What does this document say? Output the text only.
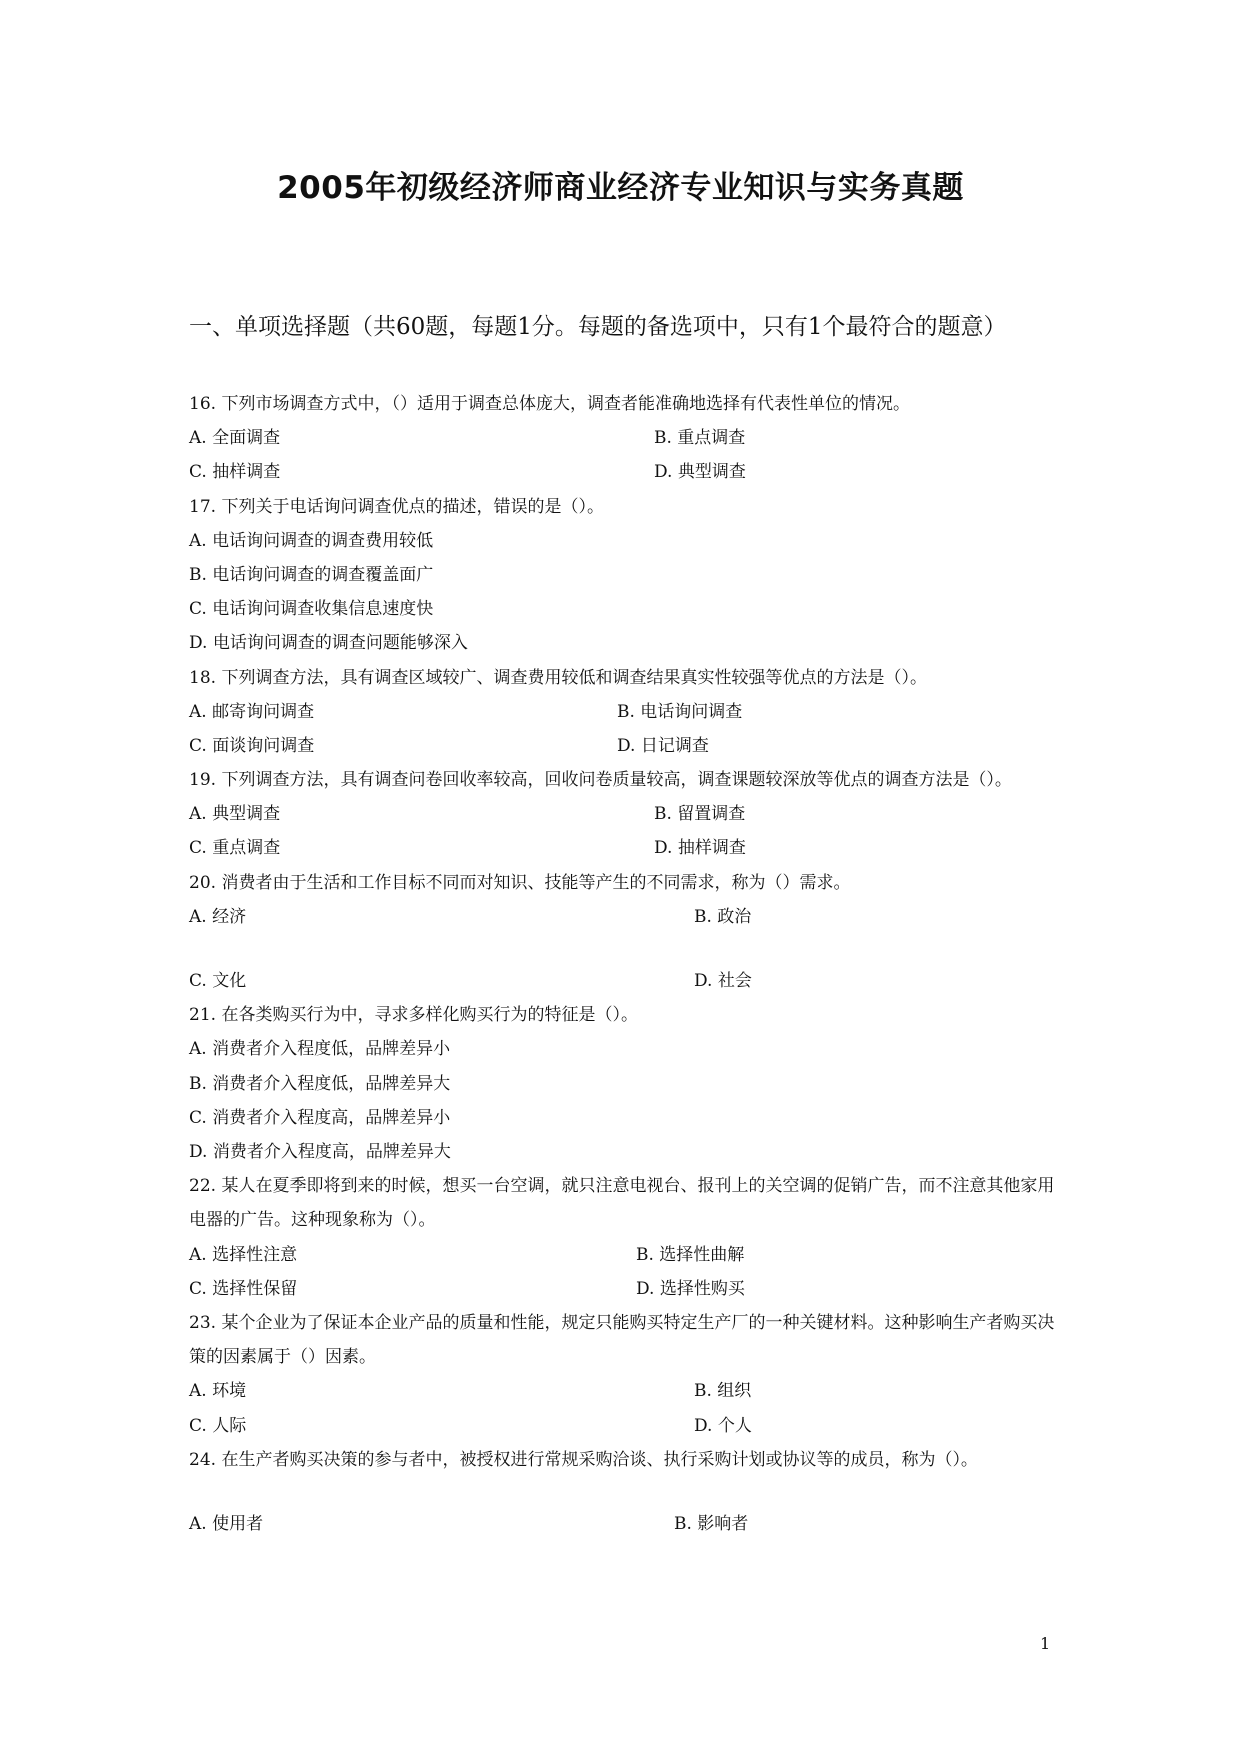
2005年初级经济师商业经济专业知识与实务真题
一、单项选择题（共60题，每题1分。每题的备选项中，只有1个最符合的题意）
16. 下列市场调查方式中，（）适用于调查总体庞大，调查者能准确地选择有代表性单位的情况。
A. 全面调查	B. 重点调查
C. 抽样调查	D. 典型调查
17. 下列关于电话询问调查优点的描述，错误的是（）。
A. 电话询问调查的调查费用较低
B. 电话询问调查的调查覆盖面广
C. 电话询问调查收集信息速度快
D. 电话询问调查的调查问题能够深入
18. 下列调查方法，具有调查区域较广、调查费用较低和调查结果真实性较强等优点的方法是（）。
A. 邮寄询问调查	B. 电话询问调查
C. 面谈询问调查	D. 日记调查
19. 下列调查方法，具有调查问卷回收率较高，回收问卷质量较高，调查课题较深放等优点的调查方法是（）。
A. 典型调查	B. 留置调查
C. 重点调查	D. 抽样调查
20. 消费者由于生活和工作目标不同而对知识、技能等产生的不同需求，称为（）需求。
A. 经济	B. 政治
C. 文化	D. 社会
21. 在各类购买行为中，寻求多样化购买行为的特征是（）。
A. 消费者介入程度低，品牌差异小
B. 消费者介入程度低，品牌差异大
C. 消费者介入程度高，品牌差异小
D. 消费者介入程度高，品牌差异大
22. 某人在夏季即将到来的时候，想买一台空调，就只注意电视台、报刊上的关空调的促销广告，而不注意其他家用电器的广告。这种现象称为（）。
A. 选择性注意	B. 选择性曲解
C. 选择性保留	D. 选择性购买
23. 某个企业为了保证本企业产品的质量和性能，规定只能购买特定生产厂的一种关键材料。这种影响生产者购买决策的因素属于（）因素。
A. 环境	B. 组织
C. 人际	D. 个人
24. 在生产者购买决策的参与者中，被授权进行常规采购洽谈、执行采购计划或协议等的成员，称为（）。
A. 使用者	B. 影响者
1
